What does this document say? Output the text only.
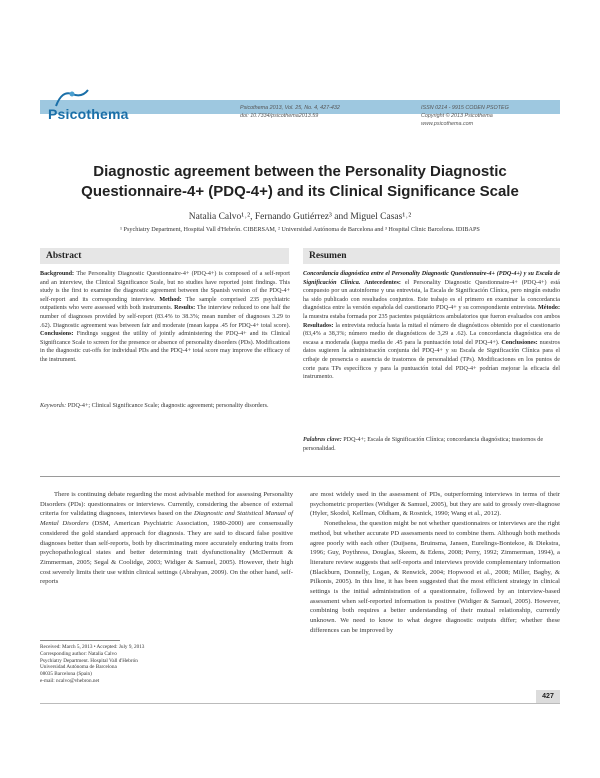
Psicothema	Psicothema 2013, Vol. 25, No. 4, 427-432
doi: 10.7334/psicothema2013.59
ISSN 0214 - 9915 CODEN PSOTEG
Copyright © 2013 Psicothema
www.psicothema.com
Diagnostic agreement between the Personality Diagnostic
Questionnaire-4+ (PDQ-4+) and its Clinical Significance Scale
Natalia Calvo¹˒², Fernando Gutiérrez³ and Miguel Casas¹˒²
¹ Psychiatry Department, Hospital Vall d'Hebrón. CIBERSAM, ² Universidad Autónoma de Barcelona and ³ Hospital Clinic Barcelona. IDIBAPS
Abstract
Background: The Personality Diagnostic Questionnaire-4+ (PDQ-4+) is composed of a self-report and an interview, the Clinical Significance Scale, but no studies have reported joint findings. This study is the first to examine the diagnostic agreement between the Spanish version of the PDQ-4+ self-report and its corresponding interview. Method: The sample comprised 235 psychiatric outpatients who were assessed with both instruments. Results: The interview reduced to one half the number of diagnoses provided by self-report (83.4% to 38.3%; mean number of diagnoses 3.29 to .62). Diagnostic agreement was between fair and moderate (mean kappa .45 for PDQ-4+ total score). Conclusions: Findings suggest the utility of jointly administering the PDQ-4+ and its Clinical Significance Scale to screen for the presence or absence of personality disorders (PDs). Modifications in the diagnostic cut-offs for individual PDs and the PDQ-4+ total score may improve the efficacy of the instrument.
Keywords: PDQ-4+; Clinical Significance Scale; diagnostic agreement; personality disorders.
Resumen
Concordancia diagnóstica entre el Personality Diagnostic Questionnaire-4+ (PDQ-4+) y su Escala de Significación Clínica. Antecedentes: el Personality Diagnostic Questionnaire-4+ (PDQ-4+) está compuesto por un autoinforme y una entrevista, la Escala de Significación Clínica, pero ningún estudio ha sido publicado con resultados conjuntos. Este trabajo es el primero en examinar la concordancia diagnóstica entre la versión española del cuestionario PDQ-4+ y su correspondiente entrevista. Método: la muestra estaba formada por 235 pacientes psiquiátricos ambulatorios que fueron evaluados con ambos Resultados: la entrevista reducía hasta la mitad el número de diagnósticos obtenido por el cuestionario (83,4% a 38,3%; número medio de diagnósticos de 3,29 a .62). La concordancia diagnóstica era de escasa a moderada (kappa media de .45 para la puntuación total del PDQ-4+). Conclusiones: nuestros datos sugieren la administración conjunta del PDQ-4+ y su Escala de Significación Clínica para el cribaje de presencia o ausencia de trastornos de personalidad (TPs). Modificaciones en los puntos de corte para TPs específicos y para la puntuación total del PDQ-4+ podrían mejorar la eficacia del instrumento.
Palabras clave: PDQ-4+; Escala de Significación Clínica; concordancia diagnóstica; trastornos de personalidad.
There is continuing debate regarding the most advisable method for assessing Personality Disorders (PDs): questionnaires or interviews. Currently, considering the absence of external criteria for validating diagnoses, interviews based on the Diagnostic and Statistical Manual of Mental Disorders (DSM, American Psychiatric Association, 1980-2000) are consensually considered the gold standard approach for diagnosis. They are said to discard false positive diagnoses better than self-reports, both by discriminating more accurately enduring traits from psychopathological states and better determining trait dysfunctionality (McDermutt & Zimmerman, 2005; Segal & Coolidge, 2003; Widiger & Samuel, 2005). However, their high cost severely limits their use within clinical settings (Abrahyan, 2009). On the other hand, self-reports
are most widely used in the assessment of PDs, outperforming interviews in terms of their psychometric properties (Widiger & Samuel, 2005), but they are said to grossly over-diagnose (Hyler, Skodol, Kellman, Oldham, & Rosnick, 1990; Wang et al., 2012).
Nonetheless, the question might be not whether questionnaires or interviews are the right method, but whether accurate PD assessments need to combine them. Although both methods agree poorly with each other (Duijsens, Bruinsma, Jansen, Eurelings-Bontekoe, & Diekstra, 1996; Guy, Poythress, Douglas, Skeem, & Edens, 2008; Perry, 1992; Zimmerman, 1994), a literature review suggests that self-reports and interviews provide complementary information (Blackburn, Donnelly, Logan, & Renwick, 2004; Hopwood et al., 2008; Miller, Bagby, & Pilkonis, 2005). In this line, it has been suggested that the most efficient strategy in clinical settings is the initial administration of a questionnaire, followed by an interview-based assessment when self-reported information is positive (Widiger & Samuel, 2005). However, combining both requires a better understanding of their mutual relationship, currently unknown. We need to know to what degree diagnostic outputs differ; whether these differences can be improved by
Received: March 5, 2013 • Accepted: July 9, 2013
Corresponding author: Natalia Calvo
Psychiatry Department. Hospital Vall d'Hebrón
Universidad Autónoma de Barcelona
08035 Barcelona (Spain)
e-mail: ncalvo@vhebron.net
427
